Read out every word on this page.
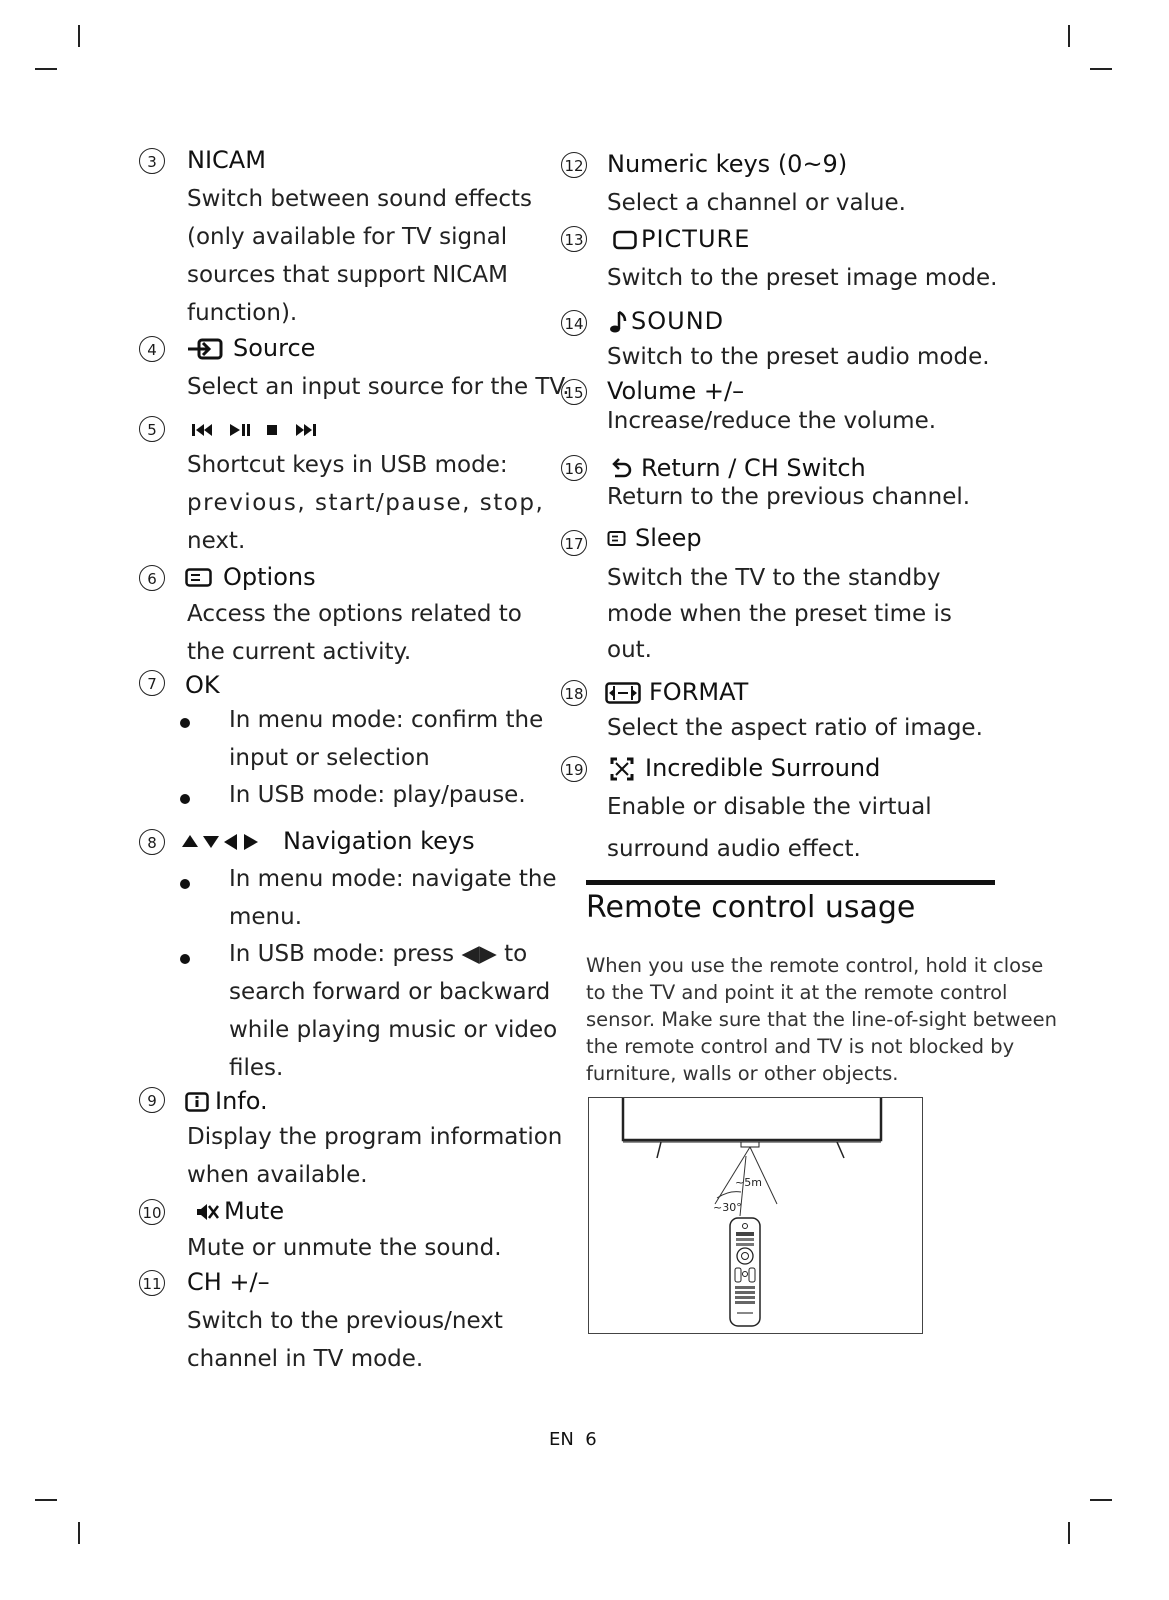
3	NICAM
Switch between sound effects
(only available for TV signal
sources that support NICAM
function).
4	Source
Select an input source for the TV.
5
Shortcut keys in USB mode:
previous, start/pause, stop,
next.
6	Options
Access the options related to
the current activity.
7	OK
In menu mode: confirm the
input or selection
In USB mode: play/pause.
8	Navigation keys
In menu mode: navigate the
menu.
In USB mode: press ◀▶ to
search forward or backward
while playing music or video
files.
9	Info.
Display the program information
when available.
10	Mute
Mute or unmute the sound.
11 CH +/–
Switch to the previous/next
channel in TV mode.
12 Numeric keys (0~9)
Select a channel or value.
13	PICTURE
Switch to the preset image mode.
14	SOUND
Switch to the preset audio mode.
15 Volume +/–
Increase/reduce the volume.
16	Return / CH Switch
Return to the previous channel.
17	Sleep
Switch the TV to the standby
mode when the preset time is
out.
18	FORMAT
Select the aspect ratio of image.
19	Incredible Surround
Enable or disable the virtual
surround audio effect.
Remote control usage
When you use the remote control, hold it close
to the TV and point it at the remote control
sensor. Make sure that the line-of-sight between
the remote control and TV is not blocked by
furniture, walls or other objects.
~5m
~30°
EN 6
